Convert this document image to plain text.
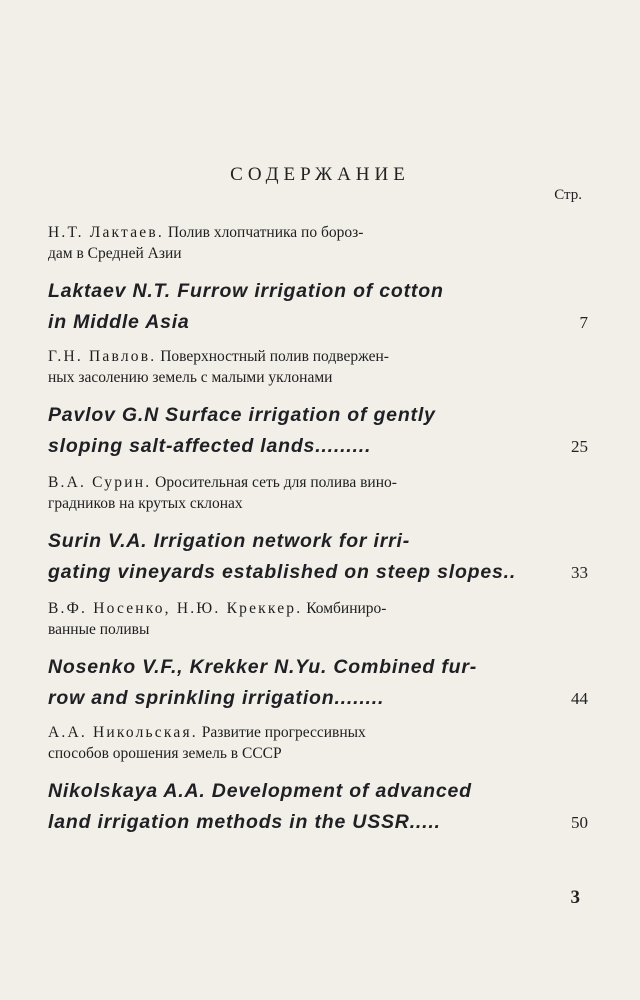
СОДЕРЖАНИЕ
Стр.

Н.Т. Лактаев. Полив хлопчатника по бороз-
дам в Средней Азии

Laktaev N.T. Furrow irrigation of cotton
in Middle Asia	7

Г.Н. Павлов. Поверхностный полив подвержен-
ных засолению земель с малыми уклонами

Pavlov G.N Surface irrigation of gently
sloping salt-affected lands.........	25

В.А. Сурин. Оросительная сеть для полива вино-
градников на крутых склонах

Surin V.A. Irrigation network for irri-
gating vineyards established on steep slopes..	33

В.Ф. Носенко, Н.Ю. Креккер. Комбиниро-
ванные поливы

Nosenko V.F., Krekker N.Yu. Combined fur-
row and sprinkling irrigation........	44

А.А. Никольская. Развитие прогрессивных
способов орошения земель в СССР

Nikolskaya A.A. Development of advanced
land irrigation methods in the USSR.....	50
3
